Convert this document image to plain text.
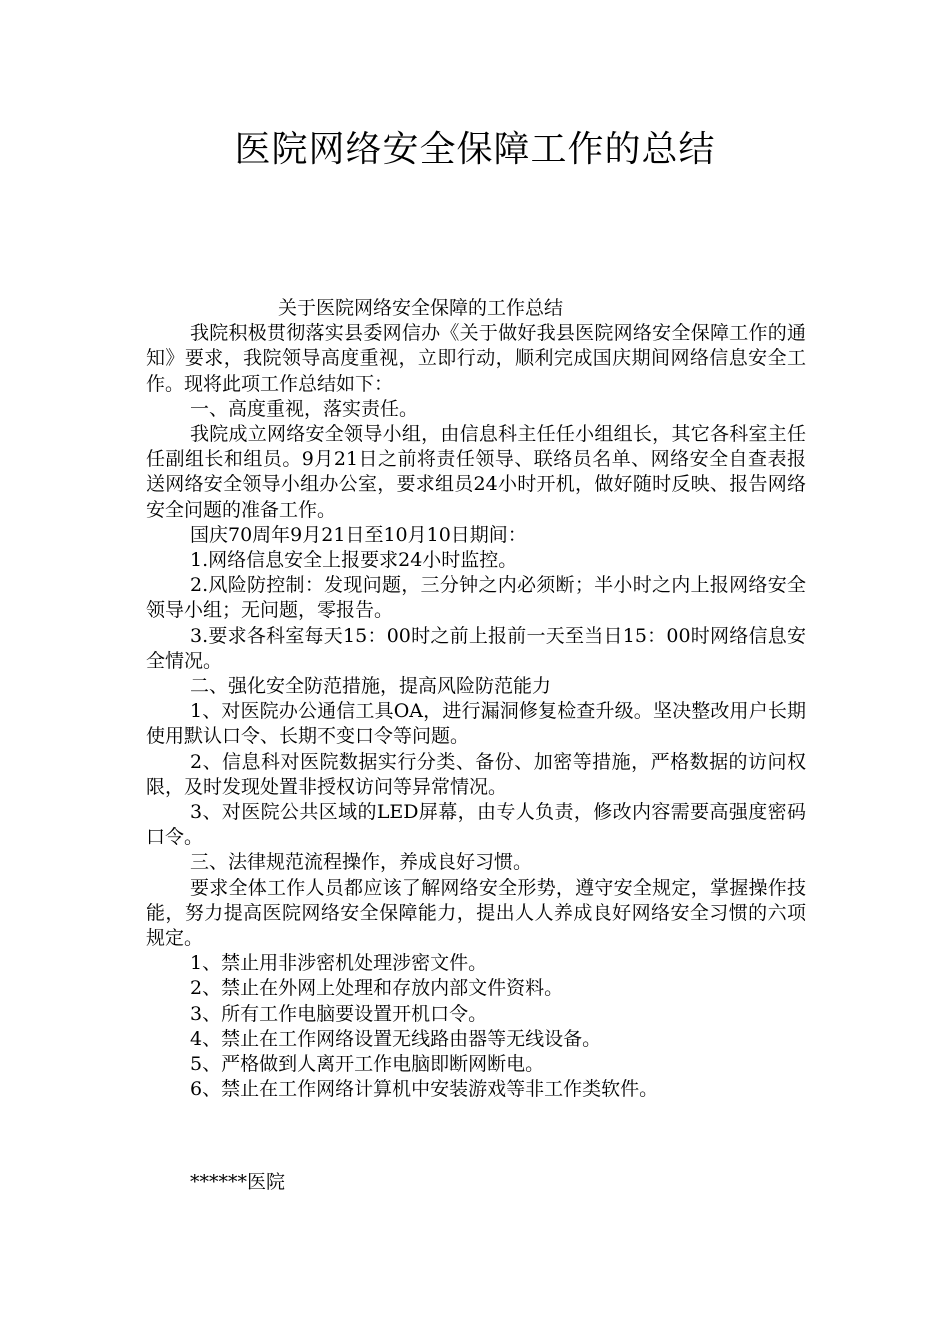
医院网络安全保障工作的总结

关于医院网络安全保障的工作总结

我院积极贯彻落实县委网信办《关于做好我县医院网络安全保障工作的通知》要求，我院领导高度重视，立即行动，顺利完成国庆期间网络信息安全工作。现将此项工作总结如下：

一、高度重视，落实责任。

我院成立网络安全领导小组，由信息科主任任小组组长，其它各科室主任任副组长和组员。9月21日之前将责任领导、联络员名单、网络安全自查表报送网络安全领导小组办公室，要求组员24小时开机，做好随时反映、报告网络安全问题的准备工作。

国庆70周年9月21日至10月10日期间：

1.网络信息安全上报要求24小时监控。

2.风险防控制：发现问题，三分钟之内必须断；半小时之内上报网络安全领导小组；无问题，零报告。

3.要求各科室每天15：00时之前上报前一天至当日15：00时网络信息安全情况。

二、强化安全防范措施，提高风险防范能力

1、对医院办公通信工具OA，进行漏洞修复检查升级。坚决整改用户长期使用默认口令、长期不变口令等问题。

2、信息科对医院数据实行分类、备份、加密等措施，严格数据的访问权限，及时发现处置非授权访问等异常情况。

3、对医院公共区域的LED屏幕，由专人负责，修改内容需要高强度密码口令。

三、法律规范流程操作，养成良好习惯。

要求全体工作人员都应该了解网络安全形势，遵守安全规定，掌握操作技能，努力提高医院网络安全保障能力，提出人人养成良好网络安全习惯的六项规定。

1、禁止用非涉密机处理涉密文件。

2、禁止在外网上处理和存放内部文件资料。

3、所有工作电脑要设置开机口令。

4、禁止在工作网络设置无线路由器等无线设备。

5、严格做到人离开工作电脑即断网断电。

6、禁止在工作网络计算机中安装游戏等非工作类软件。

******医院
